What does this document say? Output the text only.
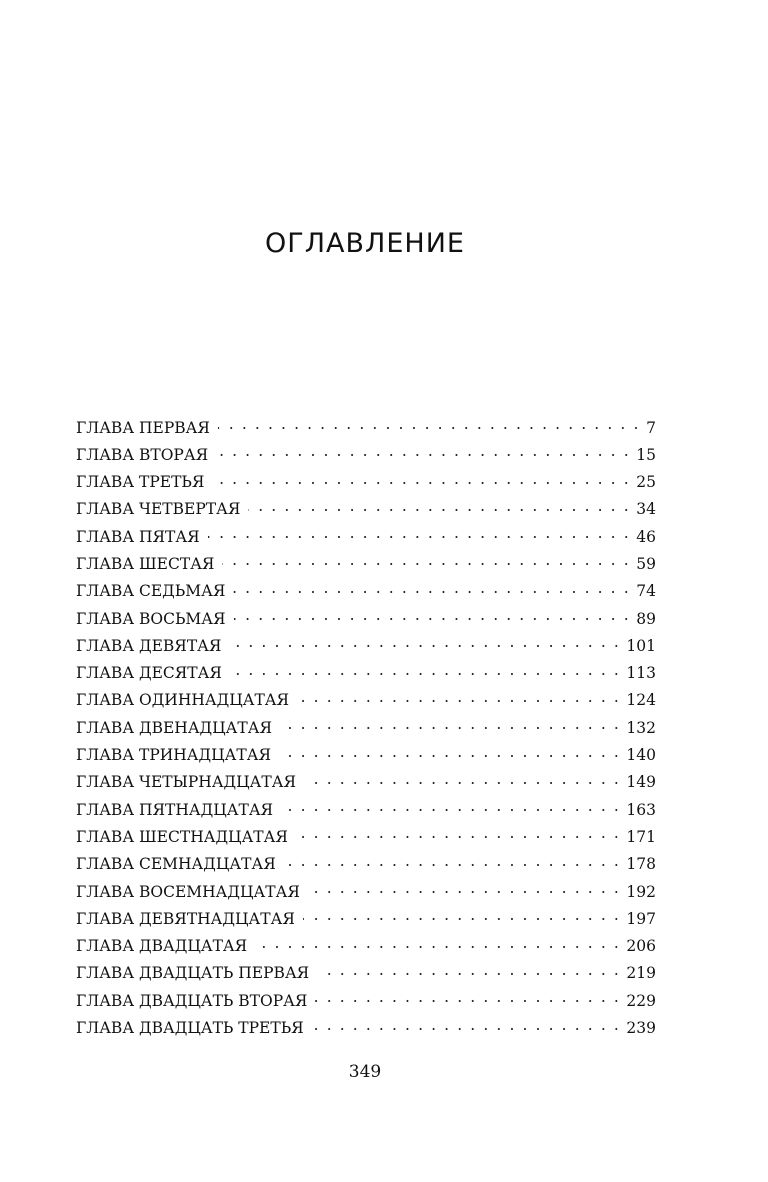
ОГЛАВЛЕНИЕ
ГЛАВА ПЕРВАЯ . . .	7
ГЛАВА ВТОРАЯ . . .	15
ГЛАВА ТРЕТЬЯ . . .	25
ГЛАВА ЧЕТВЕРТАЯ . . .	34
ГЛАВА ПЯТАЯ . . .	46
ГЛАВА ШЕСТАЯ . . .	59
ГЛАВА СЕДЬМАЯ . . .	74
ГЛАВА ВОСЬМАЯ . . .	89
ГЛАВА ДЕВЯТАЯ . . .	101
ГЛАВА ДЕСЯТАЯ . . .	113
ГЛАВА ОДИННАДЦАТАЯ . . .	124
ГЛАВА ДВЕНАДЦАТАЯ . . .	132
ГЛАВА ТРИНАДЦАТАЯ . . .	140
ГЛАВА ЧЕТЫРНАДЦАТАЯ . . .	149
ГЛАВА ПЯТНАДЦАТАЯ . . .	163
ГЛАВА ШЕСТНАДЦАТАЯ . . .	171
ГЛАВА СЕМНАДЦАТАЯ . . .	178
ГЛАВА ВОСЕМНАДЦАТАЯ . . .	192
ГЛАВА ДЕВЯТНАДЦАТАЯ . . .	197
ГЛАВА ДВАДЦАТАЯ . . .	206
ГЛАВА ДВАДЦАТЬ ПЕРВАЯ . . .	219
ГЛАВА ДВАДЦАТЬ ВТОРАЯ . . .	229
ГЛАВА ДВАДЦАТЬ ТРЕТЬЯ . . .	239
349
